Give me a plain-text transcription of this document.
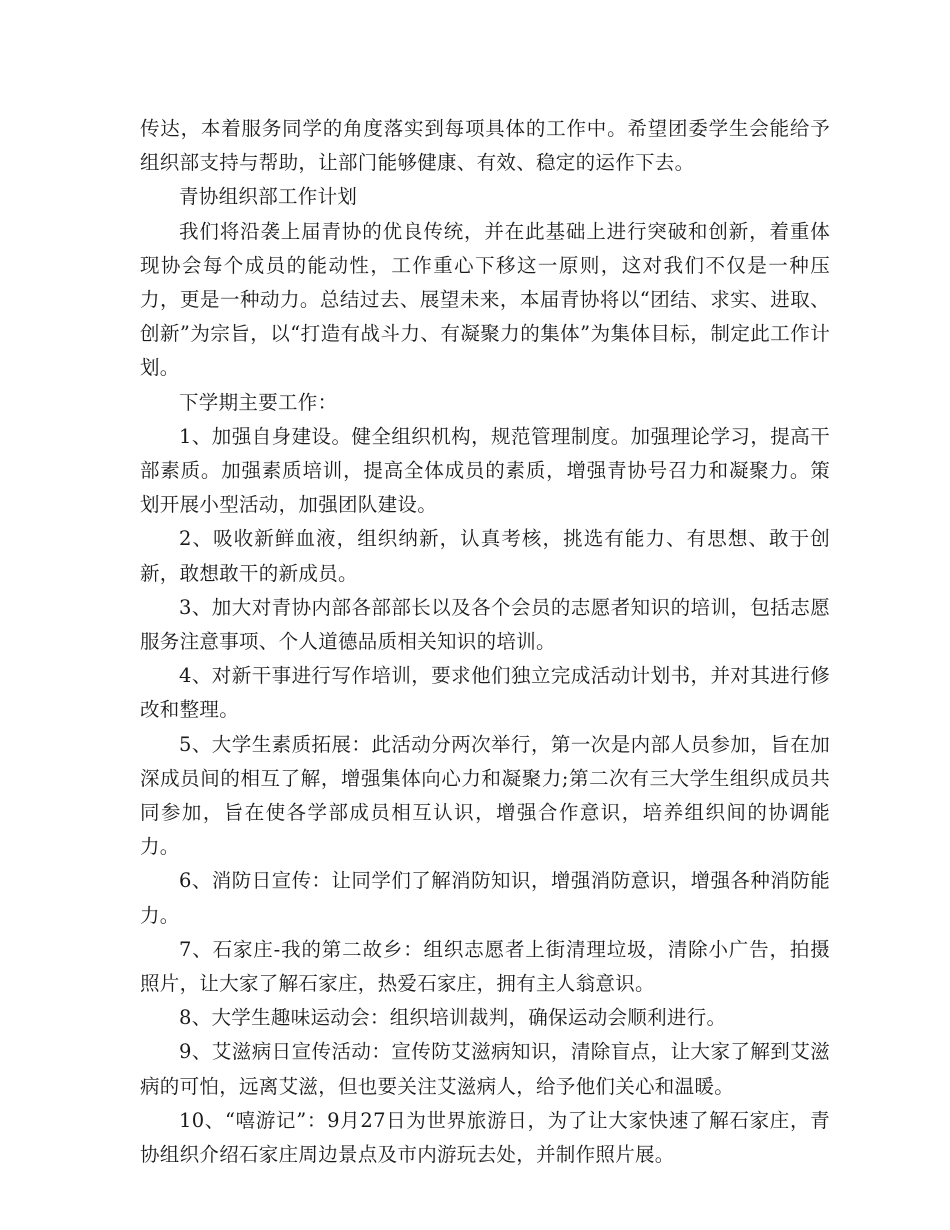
传达，本着服务同学的角度落实到每项具体的工作中。希望团委学生会能给予组织部支持与帮助，让部门能够健康、有效、稳定的运作下去。

青协组织部工作计划

我们将沿袭上届青协的优良传统，并在此基础上进行突破和创新，着重体现协会每个成员的能动性，工作重心下移这一原则，这对我们不仅是一种压力，更是一种动力。总结过去、展望未来，本届青协将以“团结、求实、进取、创新”为宗旨，以“打造有战斗力、有凝聚力的集体”为集体目标，制定此工作计划。

下学期主要工作：

1、加强自身建设。健全组织机构，规范管理制度。加强理论学习，提高干部素质。加强素质培训，提高全体成员的素质，增强青协号召力和凝聚力。策划开展小型活动，加强团队建设。

2、吸收新鲜血液，组织纳新，认真考核，挑选有能力、有思想、敢于创新，敢想敢干的新成员。

3、加大对青协内部各部部长以及各个会员的志愿者知识的培训，包括志愿服务注意事项、个人道德品质相关知识的培训。

4、对新干事进行写作培训，要求他们独立完成活动计划书，并对其进行修改和整理。

5、大学生素质拓展：此活动分两次举行，第一次是内部人员参加，旨在加深成员间的相互了解，增强集体向心力和凝聚力;第二次有三大学生组织成员共同参加，旨在使各学部成员相互认识，增强合作意识，培养组织间的协调能力。

6、消防日宣传：让同学们了解消防知识，增强消防意识，增强各种消防能力。

7、石家庄-我的第二故乡：组织志愿者上街清理垃圾，清除小广告，拍摄照片，让大家了解石家庄，热爱石家庄，拥有主人翁意识。

8、大学生趣味运动会：组织培训裁判，确保运动会顺利进行。

9、艾滋病日宣传活动：宣传防艾滋病知识，清除盲点，让大家了解到艾滋病的可怕，远离艾滋，但也要关注艾滋病人，给予他们关心和温暖。

10、“嘻游记”：9月27日为世界旅游日，为了让大家快速了解石家庄，青协组织介绍石家庄周边景点及市内游玩去处，并制作照片展。
